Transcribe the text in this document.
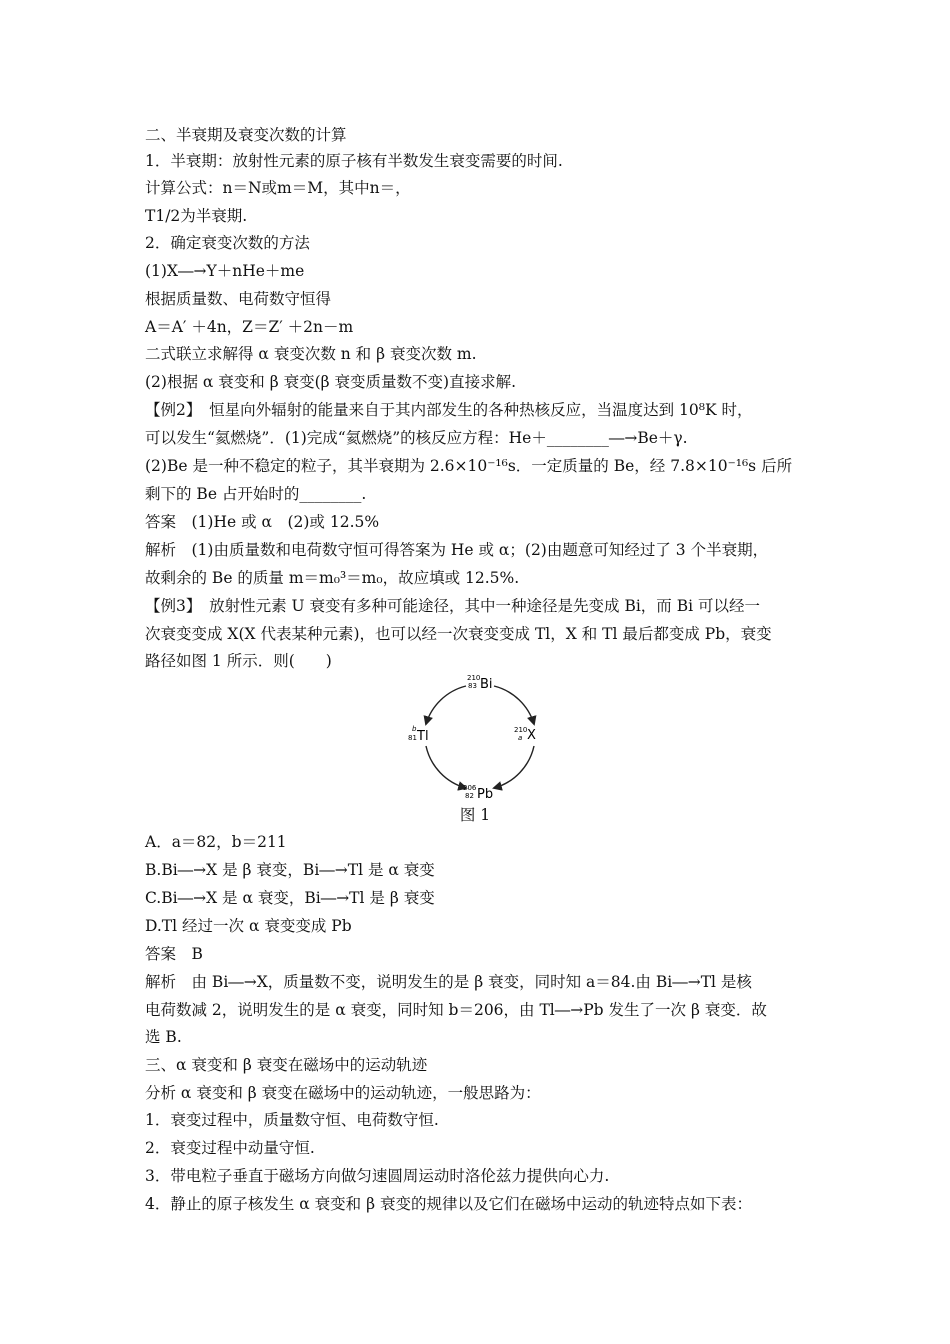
二、半衰期及衰变次数的计算
1．半衰期：放射性元素的原子核有半数发生衰变需要的时间.
计算公式：n＝N或m＝M，其中n＝，
T1/2为半衰期.
2．确定衰变次数的方法
(1)X―→Y＋nHe＋me
根据质量数、电荷数守恒得
A＝A′ ＋4n，Z＝Z′ ＋2n－m
二式联立求解得 α 衰变次数 n 和 β 衰变次数 m.
(2)根据 α 衰变和 β 衰变(β 衰变质量数不变)直接求解.
【例2】　恒星向外辐射的能量来自于其内部发生的各种热核反应，当温度达到 10⁸K 时，
可以发生“氦燃烧”．(1)完成“氦燃烧”的核反应方程：He＋________―→Be＋γ.
(2)Be 是一种不稳定的粒子，其半衰期为 2.6×10⁻¹⁶s．一定质量的 Be，经 7.8×10⁻¹⁶s 后所
剩下的 Be 占开始时的________.
答案　(1)He 或 α　(2)或 12.5%
解析　(1)由质量数和电荷数守恒可得答案为 He 或 α；(2)由题意可知经过了 3 个半衰期，
故剩余的 Be 的质量 m＝m₀³＝m₀，故应填或 12.5%.
【例3】　放射性元素 U 衰变有多种可能途径，其中一种途径是先变成 Bi，而 Bi 可以经一
次衰变变成 X(X 代表某种元素)，也可以经一次衰变变成 Tl，X 和 Tl 最后都变成 Pb，衰变
路径如图 1 所示．则(　　)
210
83 Bi
210
a X
b
81 Tl
206
82 Pb
图 1
A．a＝82，b＝211
B.Bi―→X 是 β 衰变，Bi―→Tl 是 α 衰变
C.Bi―→X 是 α 衰变，Bi―→Tl 是 β 衰变
D.Tl 经过一次 α 衰变变成 Pb
答案　B
解析　由 Bi―→X，质量数不变，说明发生的是 β 衰变，同时知 a＝84.由 Bi―→Tl 是核
电荷数减 2，说明发生的是 α 衰变，同时知 b＝206，由 Tl―→Pb 发生了一次 β 衰变．故
选 B.
三、α 衰变和 β 衰变在磁场中的运动轨迹
分析 α 衰变和 β 衰变在磁场中的运动轨迹，一般思路为：
1．衰变过程中，质量数守恒、电荷数守恒.
2．衰变过程中动量守恒.
3．带电粒子垂直于磁场方向做匀速圆周运动时洛伦兹力提供向心力.
4．静止的原子核发生 α 衰变和 β 衰变的规律以及它们在磁场中运动的轨迹特点如下表：
